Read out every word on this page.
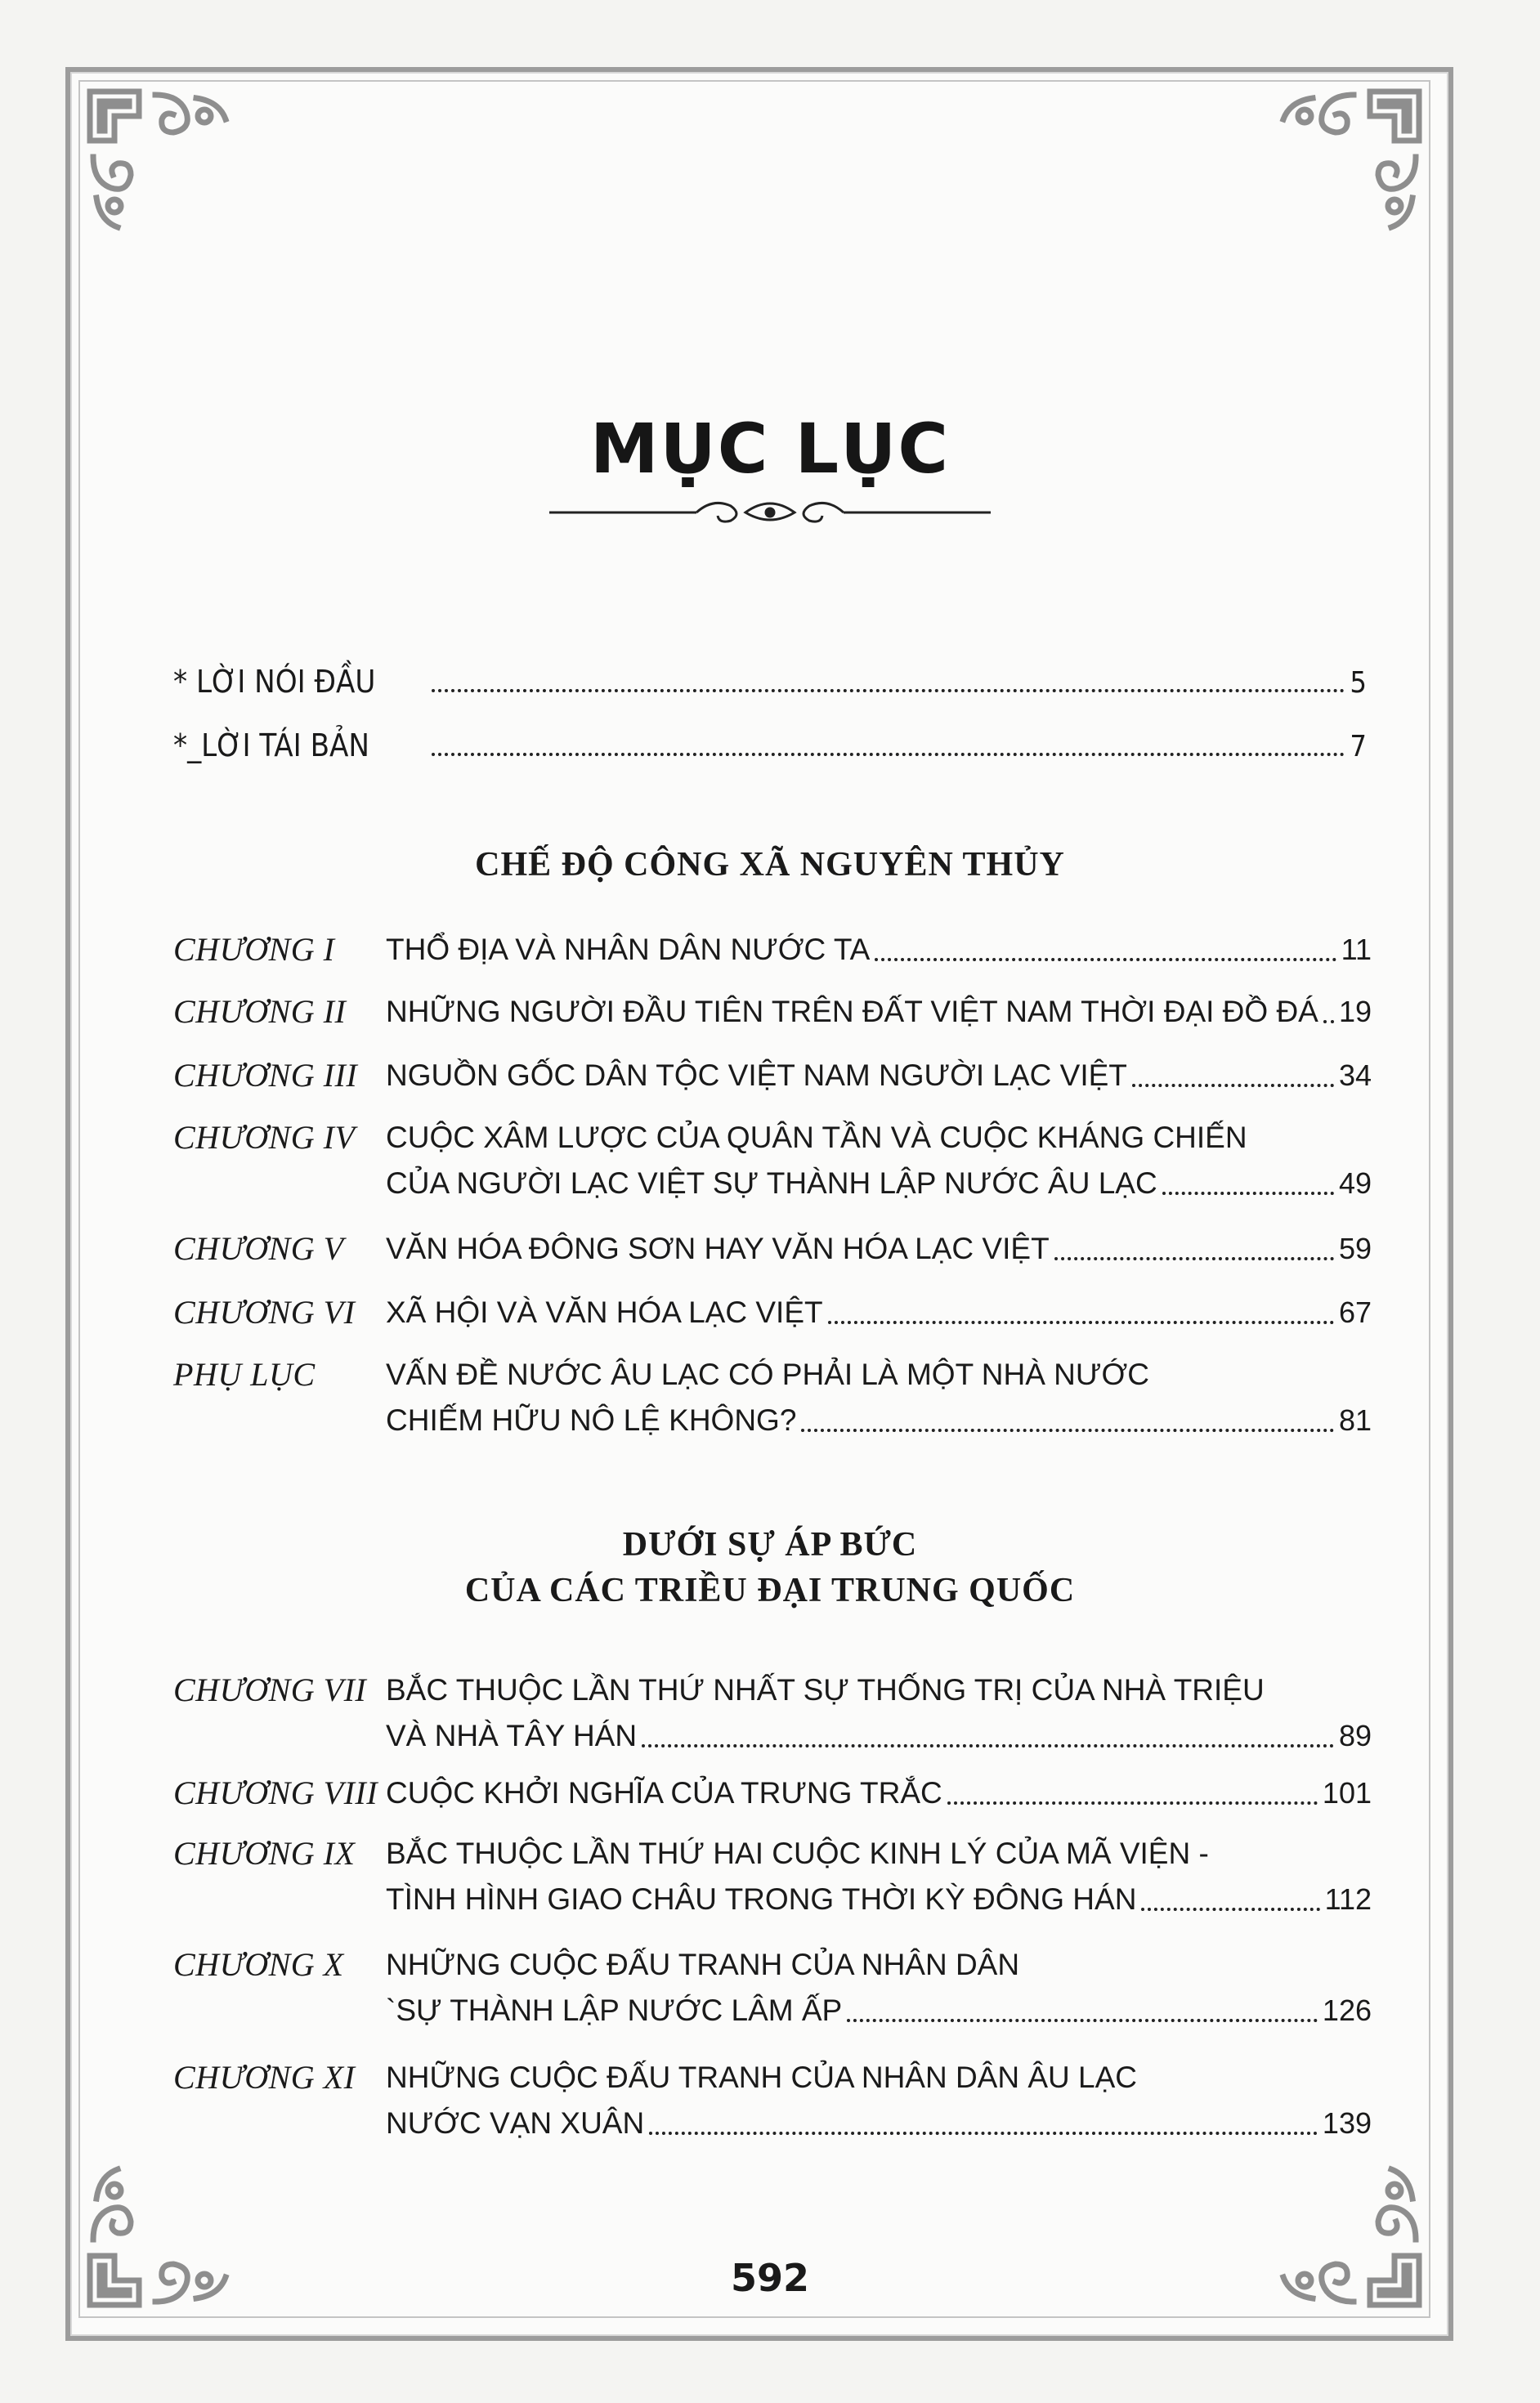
MỤC LỤC
* LỜI NÓI ĐẦU	5
*_LỜI TÁI BẢN	7
CHẾ ĐỘ CÔNG XÃ NGUYÊN THỦY
CHƯƠNG I	THỔ ĐỊA VÀ NHÂN DÂN NƯỚC TA	11
CHƯƠNG II	NHỮNG NGƯỜI ĐẦU TIÊN TRÊN ĐẤT VIỆT NAM THỜI ĐẠI ĐỒ ĐÁ 19
CHƯƠNG III NGUỒN GỐC DÂN TỘC VIỆT NAM NGƯỜI LẠC VIỆT	34
CHƯƠNG IV	CUỘC XÂM LƯỢC CỦA QUÂN TẦN VÀ CUỘC KHÁNG CHIẾN
CỦA NGƯỜI LẠC VIỆT SỰ THÀNH LẬP NƯỚC ÂU LẠC	49
CHƯƠNG V	VĂN HÓA ĐÔNG SƠN HAY VĂN HÓA LẠC VIỆT	59
CHƯƠNG VI	XÃ HỘI VÀ VĂN HÓA LẠC VIỆT	67
PHỤ LỤC	VẤN ĐỀ NƯỚC ÂU LẠC CÓ PHẢI LÀ MỘT NHÀ NƯỚC
CHIẾM HỮU NÔ LỆ KHÔNG?	81
DƯỚI SỰ ÁP BỨC
CỦA CÁC TRIỀU ĐẠI TRUNG QUỐC
CHƯƠNG VII BẮC THUỘC LẦN THỨ NHẤT SỰ THỐNG TRỊ CỦA NHÀ TRIỆU
VÀ NHÀ TÂY HÁN	89
CHƯƠNG VIII CUỘC KHỞI NGHĨA CỦA TRƯNG TRẮC	101
CHƯƠNG IX	BẮC THUỘC LẦN THỨ HAI CUỘC KINH LÝ CỦA MÃ VIỆN -
TÌNH HÌNH GIAO CHÂU TRONG THỜI KỲ ĐÔNG HÁN	112
CHƯƠNG X	NHỮNG CUỘC ĐẤU TRANH CỦA NHÂN DÂN
`SỰ THÀNH LẬP NƯỚC LÂM ẤP	126
CHƯƠNG XI	NHỮNG CUỘC ĐẤU TRANH CỦA NHÂN DÂN ÂU LẠC
NƯỚC VẠN XUÂN	139
592
